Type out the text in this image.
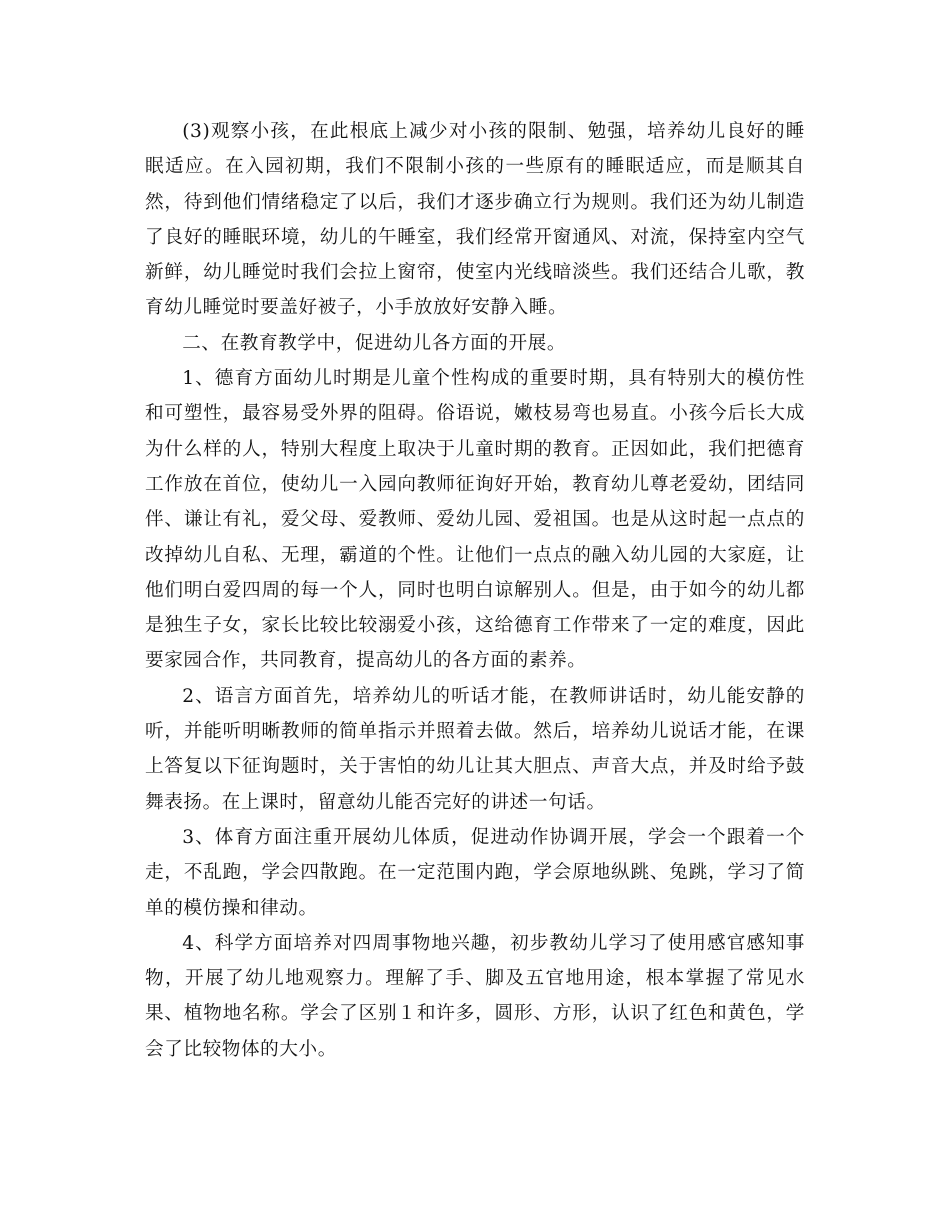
(3)观察小孩，在此根底上减少对小孩的限制、勉强，培养幼儿良好的睡眠适应。在入园初期，我们不限制小孩的一些原有的睡眠适应，而是顺其自然，待到他们情绪稳定了以后，我们才逐步确立行为规则。我们还为幼儿制造了良好的睡眠环境，幼儿的午睡室，我们经常开窗通风、对流，保持室内空气新鲜，幼儿睡觉时我们会拉上窗帘，使室内光线暗淡些。我们还结合儿歌，教育幼儿睡觉时要盖好被子，小手放放好安静入睡。

二、在教育教学中，促进幼儿各方面的开展。

1、德育方面幼儿时期是儿童个性构成的重要时期，具有特别大的模仿性和可塑性，最容易受外界的阻碍。俗语说，嫩枝易弯也易直。小孩今后长大成为什么样的人，特别大程度上取决于儿童时期的教育。正因如此，我们把德育工作放在首位，使幼儿一入园向教师征询好开始，教育幼儿尊老爱幼，团结同伴、谦让有礼，爱父母、爱教师、爱幼儿园、爱祖国。也是从这时起一点点的改掉幼儿自私、无理，霸道的个性。让他们一点点的融入幼儿园的大家庭，让他们明白爱四周的每一个人，同时也明白谅解别人。但是，由于如今的幼儿都是独生子女，家长比较比较溺爱小孩，这给德育工作带来了一定的难度，因此要家园合作，共同教育，提高幼儿的各方面的素养。

2、语言方面首先，培养幼儿的听话才能，在教师讲话时，幼儿能安静的听，并能听明晰教师的简单指示并照着去做。然后，培养幼儿说话才能，在课上答复以下征询题时，关于害怕的幼儿让其大胆点、声音大点，并及时给予鼓舞表扬。在上课时，留意幼儿能否完好的讲述一句话。

3、体育方面注重开展幼儿体质，促进动作协调开展，学会一个跟着一个走，不乱跑，学会四散跑。在一定范围内跑，学会原地纵跳、兔跳，学习了简单的模仿操和律动。

4、科学方面培养对四周事物地兴趣，初步教幼儿学习了使用感官感知事物，开展了幼儿地观察力。理解了手、脚及五官地用途，根本掌握了常见水果、植物地名称。学会了区别１和许多，圆形、方形，认识了红色和黄色，学会了比较物体的大小。
